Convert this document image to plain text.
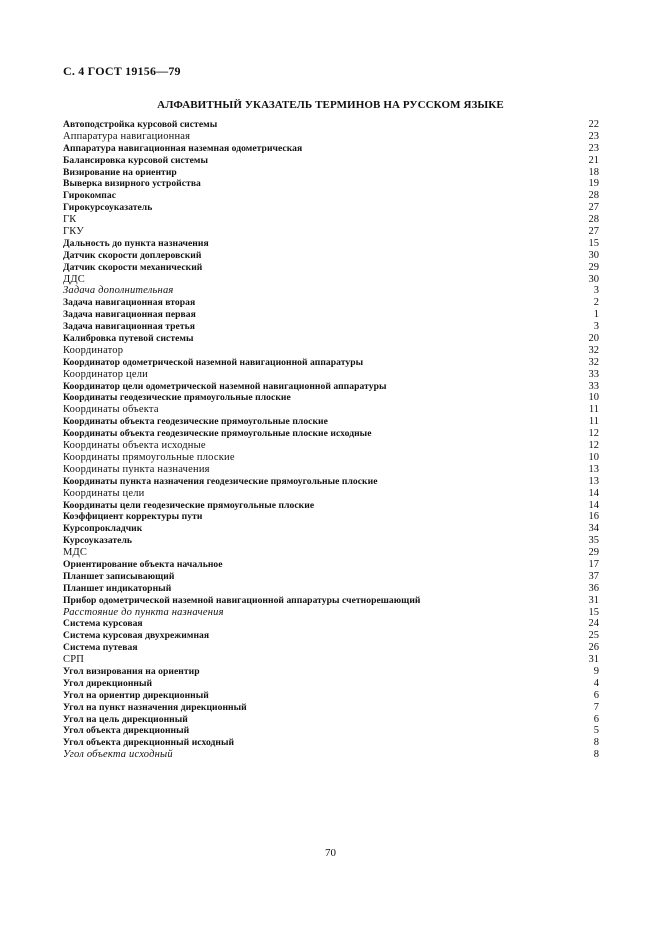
С. 4 ГОСТ 19156—79
АЛФАВИТНЫЙ УКАЗАТЕЛЬ ТЕРМИНОВ НА РУССКОМ ЯЗЫКЕ
Автоподстройка курсовой системы	22
Аппаратура навигационная	23
Аппаратура навигационная наземная одометрическая	23
Балансировка курсовой системы	21
Визирование на ориентир	18
Выверка визирного устройства	19
Гирокомпас	28
Гирокурсоуказатель	27
ГК	28
ГКУ	27
Дальность до пункта назначения	15
Датчик скорости доплеровский	30
Датчик скорости механический	29
ДДС	30
Задача дополнительная	3
Задача навигационная вторая	2
Задача навигационная первая	1
Задача навигационная третья	3
Калибровка путевой системы	20
Координатор	32
Координатор одометрической наземной навигационной аппаратуры	32
Координатор цели	33
Координатор цели одометрической наземной навигационной аппаратуры	33
Координаты геодезические прямоугольные плоские	10
Координаты объекта	11
Координаты объекта геодезические прямоугольные плоские	11
Координаты объекта геодезические прямоугольные плоские исходные	12
Координаты объекта исходные	12
Координаты прямоугольные плоские	10
Координаты пункта назначения	13
Координаты пункта назначения геодезические прямоугольные плоские	13
Координаты цели	14
Координаты цели геодезические прямоугольные плоские	14
Коэффициент корректуры пути	16
Курсопрокладчик	34
Курсоуказатель	35
МДС	29
Ориентирование объекта начальное	17
Планшет записывающий	37
Планшет индикаторный	36
Прибор одометрической наземной навигационной аппаратуры счетнорешающий	31
Расстояние до пункта назначения	15
Система курсовая	24
Система курсовая двухрежимная	25
Система путевая	26
СРП	31
Угол визирования на ориентир	9
Угол дирекционный	4
Угол на ориентир дирекционный	6
Угол на пункт назначения дирекционный	7
Угол на цель дирекционный	6
Угол объекта дирекционный	5
Угол объекта дирекционный исходный	8
Угол объекта исходный	8
70
